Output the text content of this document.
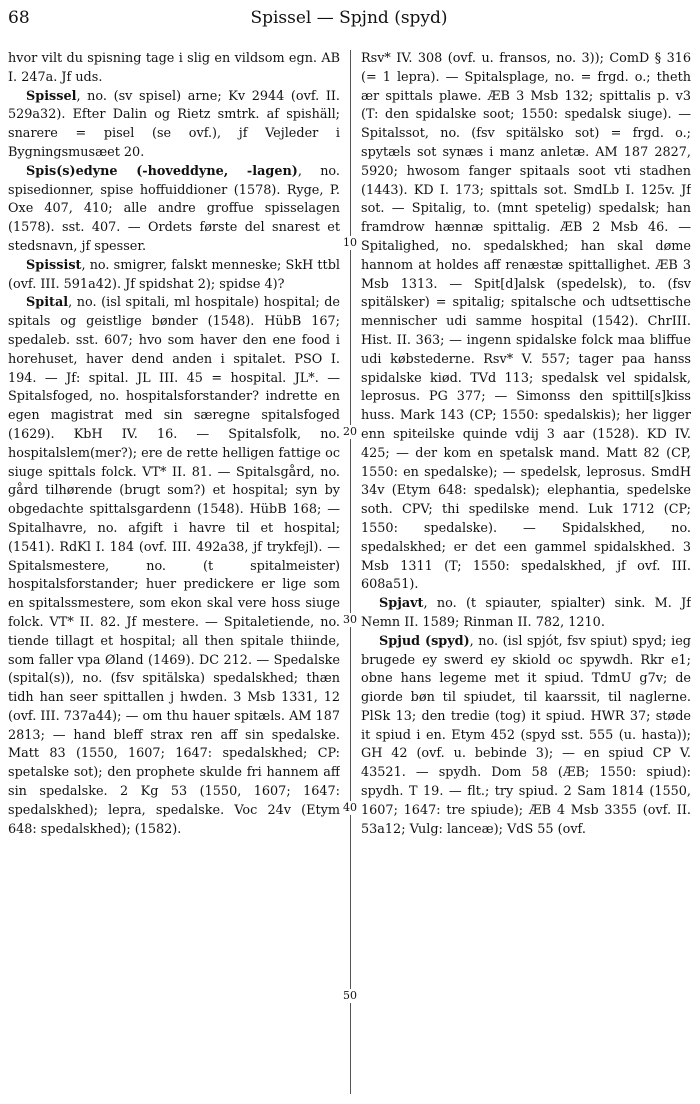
68	Spissel — Spjnd (spyd)
10
20
30
40
50

hvor vilt du spisning tage i slig en vildsom egn. AB I. 247a. Jf uds.

Spissel, no. (sv spisel) arne; Kv 2944 (ovf. II. 529a32). Efter Dalin og Rietz smtrk. af spishäll; snarere = pisel (se ovf.), jf Vejleder i Bygningsmusæet 20.

Spis(s)edyne (-hoveddyne, -lagen), no. spisedionner, spise hoffuiddioner (1578). Ryge, P. Oxe 407, 410; alle andre groffue spisselagen (1578). sst. 407. — Ordets første del snarest et stedsnavn, jf spesser.

Spissist, no. smigrer, falskt menneske; SkH ttbl (ovf. III. 591a42). Jf spidshat 2); spidse 4)?

Spital, no. (isl spitali, ml hospitale) hospital; de spitals og geistlige bønder (1548). HübB 167; spedaleb. sst. 607; hvo som haver den ene food i horehuset, haver dend anden i spitalet. PSO I. 194. — Jf: spital. JL III. 45 = hospital. JL*. — Spitalsfoged, no. hospitalsforstander? indrette en egen magistrat med sin særegne spitalsfoged (1629). KbH IV. 16. — Spitalsfolk, no. hospitalslem(mer?); ere de rette helligen fattige oc siuge spittals folck. VT* II. 81. — Spitalsgård, no. gård tilhørende (brugt som?) et hospital; syn by obgedachte spittalsgardenn (1548). HübB 168; — Spitalhavre, no. afgift i havre til et hospital; (1541). RdKl I. 184 (ovf. III. 492a38, jf trykfejl). — Spitalsmestere, no. (t spitalmeister) hospitalsforstander; huer predickere er lige som en spitalssmestere, som ekon skal vere hoss siuge folck. VT* II. 82. Jf mestere. — Spitaletiende, no. tiende tillagt et hospital; all then spitale thiinde, som faller vpa Øland (1469). DC 212. — Spedalske (spital(s)), no. (fsv spitälska) spedalskhed; thæn tidh han seer spittallen j hwden. 3 Msb 1331, 12 (ovf. III. 737a44); — om thu hauer spitæls. AM 187 2813; — hand bleff strax ren aff sin spedalske. Matt 83 (1550, 1607; 1647: spedalskhed; CP: spetalske sot); den prophete skulde fri hannem aff sin spedalske. 2 Kg 53 (1550, 1607; 1647: spedalskhed); lepra, spedalske. Voc 24v (Etym 648: spedalskhed); (1582).

Rsv* IV. 308 (ovf. u. fransos, no. 3)); ComD § 316 (= 1 lepra). — Spitalsplage, no. = frgd. o.; theth ær spittals plawe. ÆB 3 Msb 132; spittalis p. v3 (T: den spidalske soot; 1550: spedalsk siuge). — Spitalssot, no. (fsv spitälsko sot) = frgd. o.; spytæls sot synæs i manz anletæ. AM 187 2827, 5920; hwosom fanger spitaals soot vti stadhen (1443). KD I. 173; spittals sot. SmdLb I. 125v. Jf sot. — Spitalig, to. (mnt spetelig) spedalsk; han framdrow hænnæ spittalig. ÆB 2 Msb 46. — Spitalighed, no. spedalskhed; han skal døme hannom at holdes aff renæstæ spittallighet. ÆB 3 Msb 1313. — Spit[d]alsk (spedelsk), to. (fsv spitälsker) = spitalig; spitalsche och udtsettische mennischer udi samme hospital (1542). ChrIII. Hist. II. 363; — ingenn spidalske folck maa bliffue udi købstederne. Rsv* V. 557; tager paa hanss spidalske kiød. TVd 113; spedalsk vel spidalsk, leprosus. PG 377; — Simonss den spittil[s]kiss huss. Mark 143 (CP; 1550: spedalskis); her ligger enn spiteilske quinde vdij 3 aar (1528). KD IV. 425; — der kom en spetalsk mand. Matt 82 (CP, 1550: en spedalske); — spedelsk, leprosus. SmdH 34v (Etym 648: spedalsk); elephantia, spedelske soth. CPV; thi spedilske mend. Luk 1712 (CP; 1550: spedalske). — Spidalskhed, no. spedalskhed; er det een gammel spidalskhed. 3 Msb 1311 (T; 1550: spedalskhed, jf ovf. III. 608a51).

Spjavt, no. (t spiauter, spialter) sink. M. Jf Nemn II. 1589; Rinman II. 782, 1210.

Spjud (spyd), no. (isl spjót, fsv spiut) spyd; ieg brugede ey swerd ey skiold oc spywdh. Rkr e1; obne hans legeme met it spiud. TdmU g7v; de giorde bøn til spiudet, til kaarssit, til naglerne. PlSk 13; den tredie (tog) it spiud. HWR 37; støde it spiud i en. Etym 452 (spyd sst. 555 (u. hasta)); GH 42 (ovf. u. bebinde 3); — en spiud CP V. 43521. — spydh. Dom 58 (ÆB; 1550: spiud): spydh. T 19. — flt.; try spiud. 2 Sam 1814 (1550, 1607; 1647: tre spiude); ÆB 4 Msb 3355 (ovf. II. 53a12; Vulg: lanceæ); VdS 55 (ovf.
